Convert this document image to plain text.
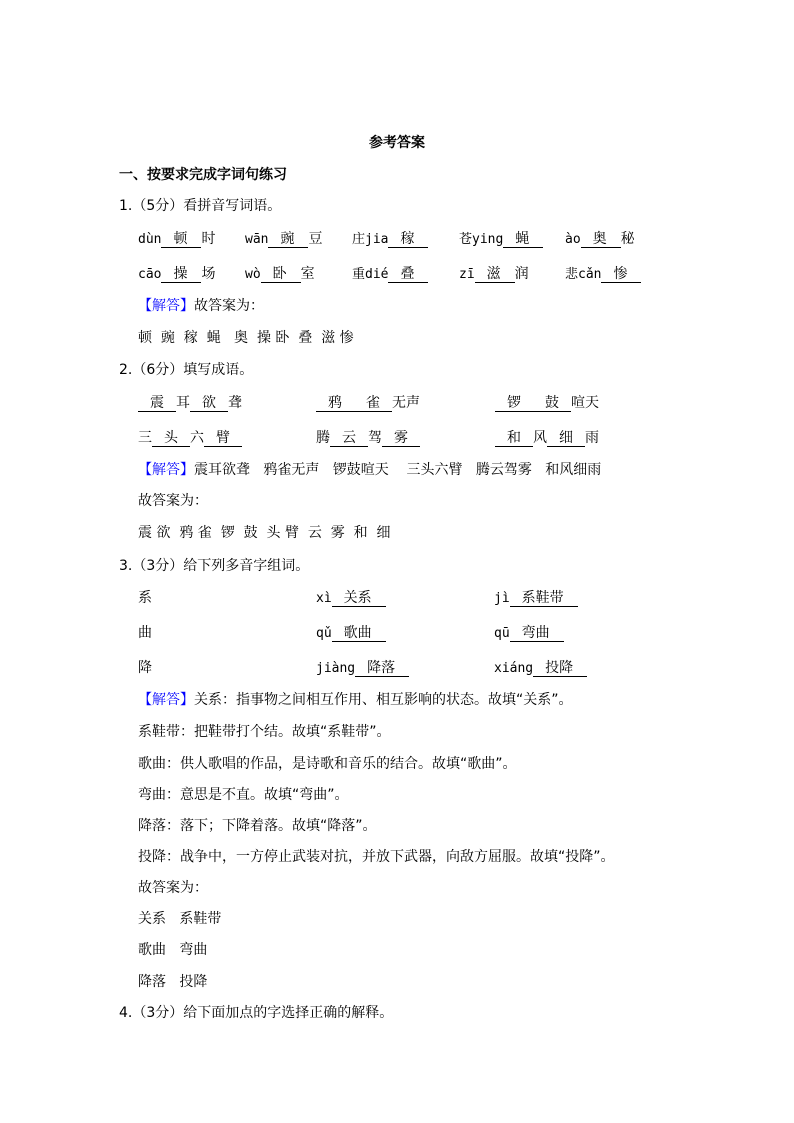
参考答案
一、按要求完成字词句练习
1.（5分）看拼音写词语。
dùn 顿 时 wān 豌 豆 庄jia 稼	苍ying 蝇	ào 奥 秘
cāo 操 场 wò 卧 室	重dié 叠	zī 滋 润	悲cǎn 惨
【解答】故答案为：
顿  豌  稼  蝇   奥  操 卧  叠  滋 惨
2.（6分）填写成语。
震 耳 欲 聋	鸦 雀 无声	锣 鼓 喧天
三 头 六 臂	腾 云 驾 雾	和 风 细 雨
【解答】震耳欲聋   鸦雀无声   锣鼓喧天    三头六臂   腾云驾雾   和风细雨
故答案为：
震 欲  鸦 雀  锣  鼓  头 臂  云  雾  和  细
3.（3分）给下列多音字组词。
系	xì 关系	jì 系鞋带
曲	qǔ 歌曲	qū 弯曲
降	jiàng 降落	xiáng 投降
【解答】关系：指事物之间相互作用、相互影响的状态。故填“关系”。
系鞋带：把鞋带打个结。故填“系鞋带”。
歌曲：供人歌唱的作品，是诗歌和音乐的结合。故填“歌曲”。
弯曲：意思是不直。故填“弯曲”。
降落：落下；下降着落。故填“降落”。
投降：战争中，一方停止武装对抗，并放下武器，向敌方屈服。故填“投降”。
故答案为：
关系   系鞋带
歌曲   弯曲
降落   投降
4.（3分）给下面加点的字选择正确的解释。
